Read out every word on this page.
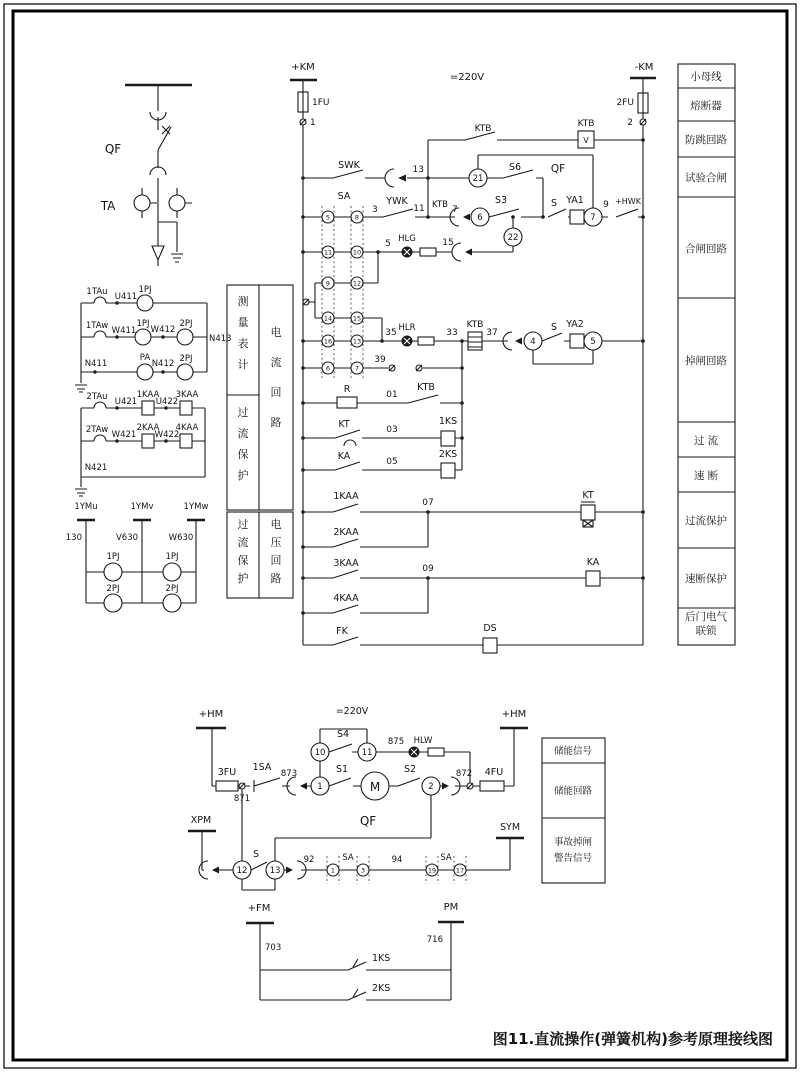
+KM
=220V
1FU
1
-KM
2FU
2
KTB	KTB
V
SWK	13	S6	QF
SA
3
YWK
11 KTB 7
S3	S YA1 9 +HWK
5 HLG	15
35 HLR	33
KTB
37	S YA2
39
R	01
KTB
KT	03
1KS
KA	05
2KS
1KAA
07
KT
2KAA
3KAA	09
KA
4KAA
FK	DS
QF
TA
1TAu U411
1PJ
1TAw W411
1PJ
W412
2PJ
N413
N411
PA
N412 2PJ
2TAu U421
1KAA
U422
3KAA
2TAw W421
2KAA
W422
4KAA
N421
1YMu	1YMv	1YMw
130	V630	W630
1PJ	1PJ
2PJ	2PJ
+HM	=220V	+HM
3FU
871
1SA
873
S4
875 HLW
S1	S2
M
872 4FU
QF
XPM
SYM
S	92	SA	94	SA
+FM	PM
703
716
1KS
2KS
小母线
熔断器
防跳回路
试验合闸
合闸回路
掉闸回路
过 流
速 断
过流保护
速断保护
后门电气
联锁
储能信号
储能回路
事故掉闸
警告信号
测量表计
过流保护
电流回路
过流保护
电压回路
图11.直流操作(弹簧机构)参考原理接线图
21
6
22
7
4	5
10	11
1	2
12	13
5	8
11	10
9	12
14	15
16	13
6	7
1	3	19	17
